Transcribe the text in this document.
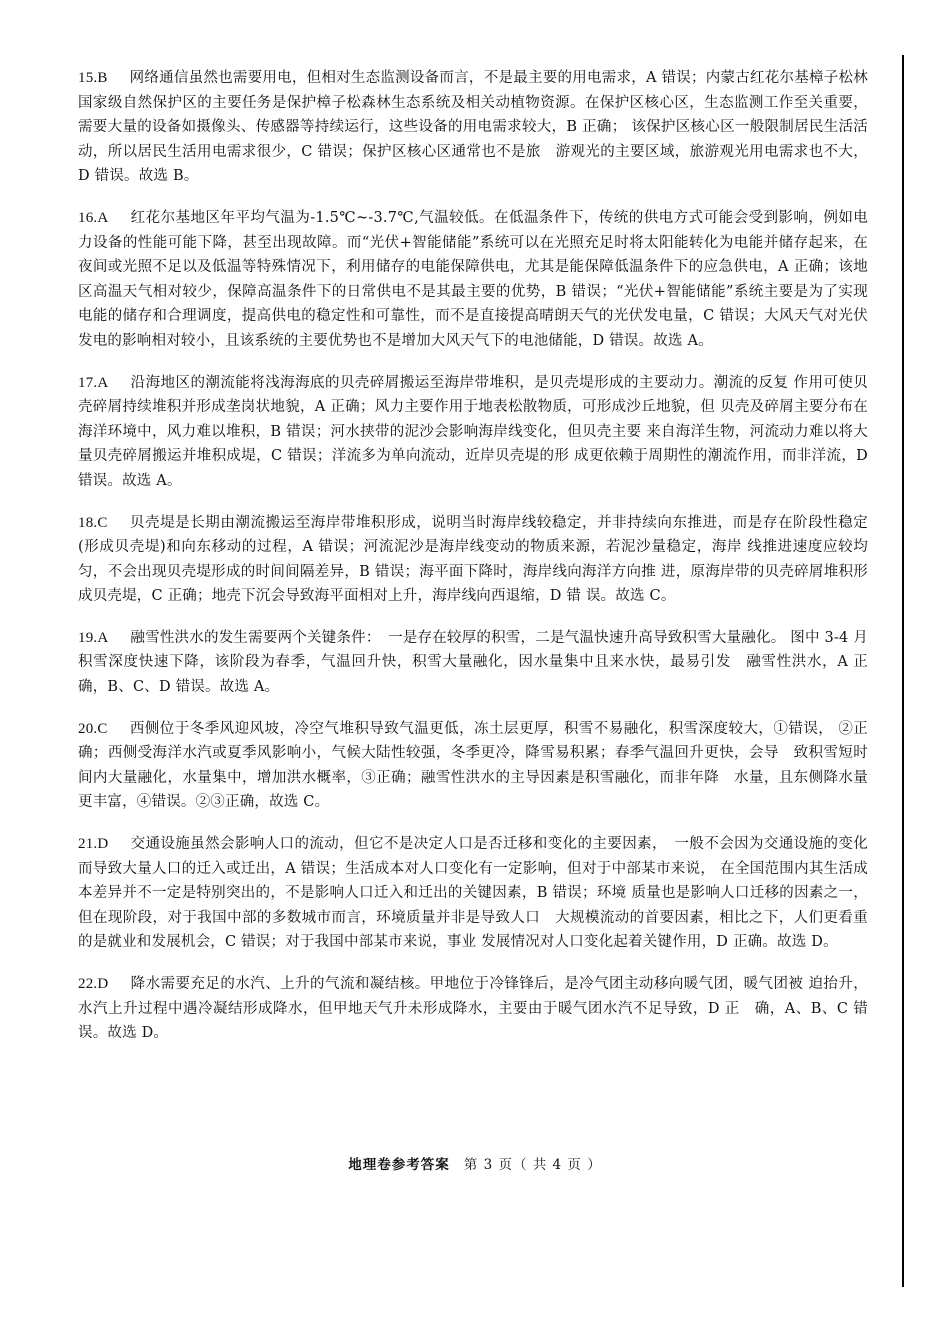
15.B 网络通信虽然也需要用电，但相对生态监测设备而言，不是最主要的用电需求，A 错误；内蒙古红花尔基樟子松林国家级自然保护区的主要任务是保护樟子松森林生态系统及相关动植物资源。在保护区核心区，生态监测工作至关重要，需要大量的设备如摄像头、传感器等持续运行，这些设备的用电需求较大，B 正确； 该保护区核心区一般限制居民生活活动，所以居民生活用电需求很少，C 错误；保护区核心区通常也不是旅　游观光的主要区域，旅游观光用电需求也不大，D 错误。故选 B。

16.A 红花尔基地区年平均气温为-1.5℃~-3.7℃,气温较低。在低温条件下，传统的供电方式可能会受到影响，例如电力设备的性能可能下降，甚至出现故障。而“光伏+智能储能”系统可以在光照充足时将太阳能转化为电能并储存起来，在夜间或光照不足以及低温等特殊情况下，利用储存的电能保障供电，尤其是能保障低温条件下的应急供电，A 正确；该地区高温天气相对较少，保障高温条件下的日常供电不是其最主要的优势，B 错误；“光伏+智能储能”系统主要是为了实现电能的储存和合理调度，提高供电的稳定性和可靠性，而不是直接提高晴朗天气的光伏发电量，C 错误；大风天气对光伏发电的影响相对较小，且该系统的主要优势也不是增加大风天气下的电池储能，D 错误。故选 A。

17.A 沿海地区的潮流能将浅海海底的贝壳碎屑搬运至海岸带堆积，是贝壳堤形成的主要动力。潮流的反复 作用可使贝壳碎屑持续堆积并形成垄岗状地貌，A 正确；风力主要作用于地表松散物质，可形成沙丘地貌，但 贝壳及碎屑主要分布在海洋环境中，风力难以堆积，B 错误；河水挟带的泥沙会影响海岸线变化，但贝壳主要 来自海洋生物，河流动力难以将大量贝壳碎屑搬运并堆积成堤，C 错误；洋流多为单向流动，近岸贝壳堤的形 成更依赖于周期性的潮流作用，而非洋流，D 错误。故选 A。

18.C 贝壳堤是长期由潮流搬运至海岸带堆积形成，说明当时海岸线较稳定，并非持续向东推进，而是存在阶段性稳定(形成贝壳堤)和向东移动的过程，A 错误；河流泥沙是海岸线变动的物质来源，若泥沙量稳定，海岸 线推进速度应较均匀，不会出现贝壳堤形成的时间间隔差异，B 错误；海平面下降时，海岸线向海洋方向推 进，原海岸带的贝壳碎屑堆积形成贝壳堤，C 正确；地壳下沉会导致海平面相对上升，海岸线向西退缩，D 错 误。故选 C。

19.A 融雪性洪水的发生需要两个关键条件：　一是存在较厚的积雪，二是气温快速升高导致积雪大量融化。 图中 3-4 月积雪深度快速下降，该阶段为春季，气温回升快，积雪大量融化，因水量集中且来水快，最易引发　融雪性洪水，A 正确，B、C、D 错误。故选 A。

20.C 西侧位于冬季风迎风坡，冷空气堆积导致气温更低，冻土层更厚，积雪不易融化，积雪深度较大，①错误， ②正确；西侧受海洋水汽或夏季风影响小，气候大陆性较强，冬季更冷，降雪易积累；春季气温回升更快，会导　致积雪短时间内大量融化，水量集中，增加洪水概率，③正确；融雪性洪水的主导因素是积雪融化，而非年降　水量，且东侧降水量更丰富，④错误。②③正确，故选 C。

21.D 交通设施虽然会影响人口的流动，但它不是决定人口是否迁移和变化的主要因素，　一般不会因为交通设施的变化而导致大量人口的迁入或迁出，A 错误；生活成本对人口变化有一定影响，但对于中部某市来说， 在全国范围内其生活成本差异并不一定是特别突出的，不是影响人口迁入和迁出的关键因素，B 错误；环境 质量也是影响人口迁移的因素之一，但在现阶段，对于我国中部的多数城市而言，环境质量并非是导致人口　大规模流动的首要因素，相比之下，人们更看重的是就业和发展机会，C 错误；对于我国中部某市来说，事业 发展情况对人口变化起着关键作用，D 正确。故选 D。

22.D 降水需要充足的水汽、上升的气流和凝结核。甲地位于冷锋锋后，是冷气团主动移向暖气团，暖气团被 迫抬升，水汽上升过程中遇冷凝结形成降水，但甲地天气升未形成降水，主要由于暖气团水汽不足导致，D 正　确，A、B、C 错误。故选 D。

地理卷参考答案 第 3 页（ 共 4 页 ）
